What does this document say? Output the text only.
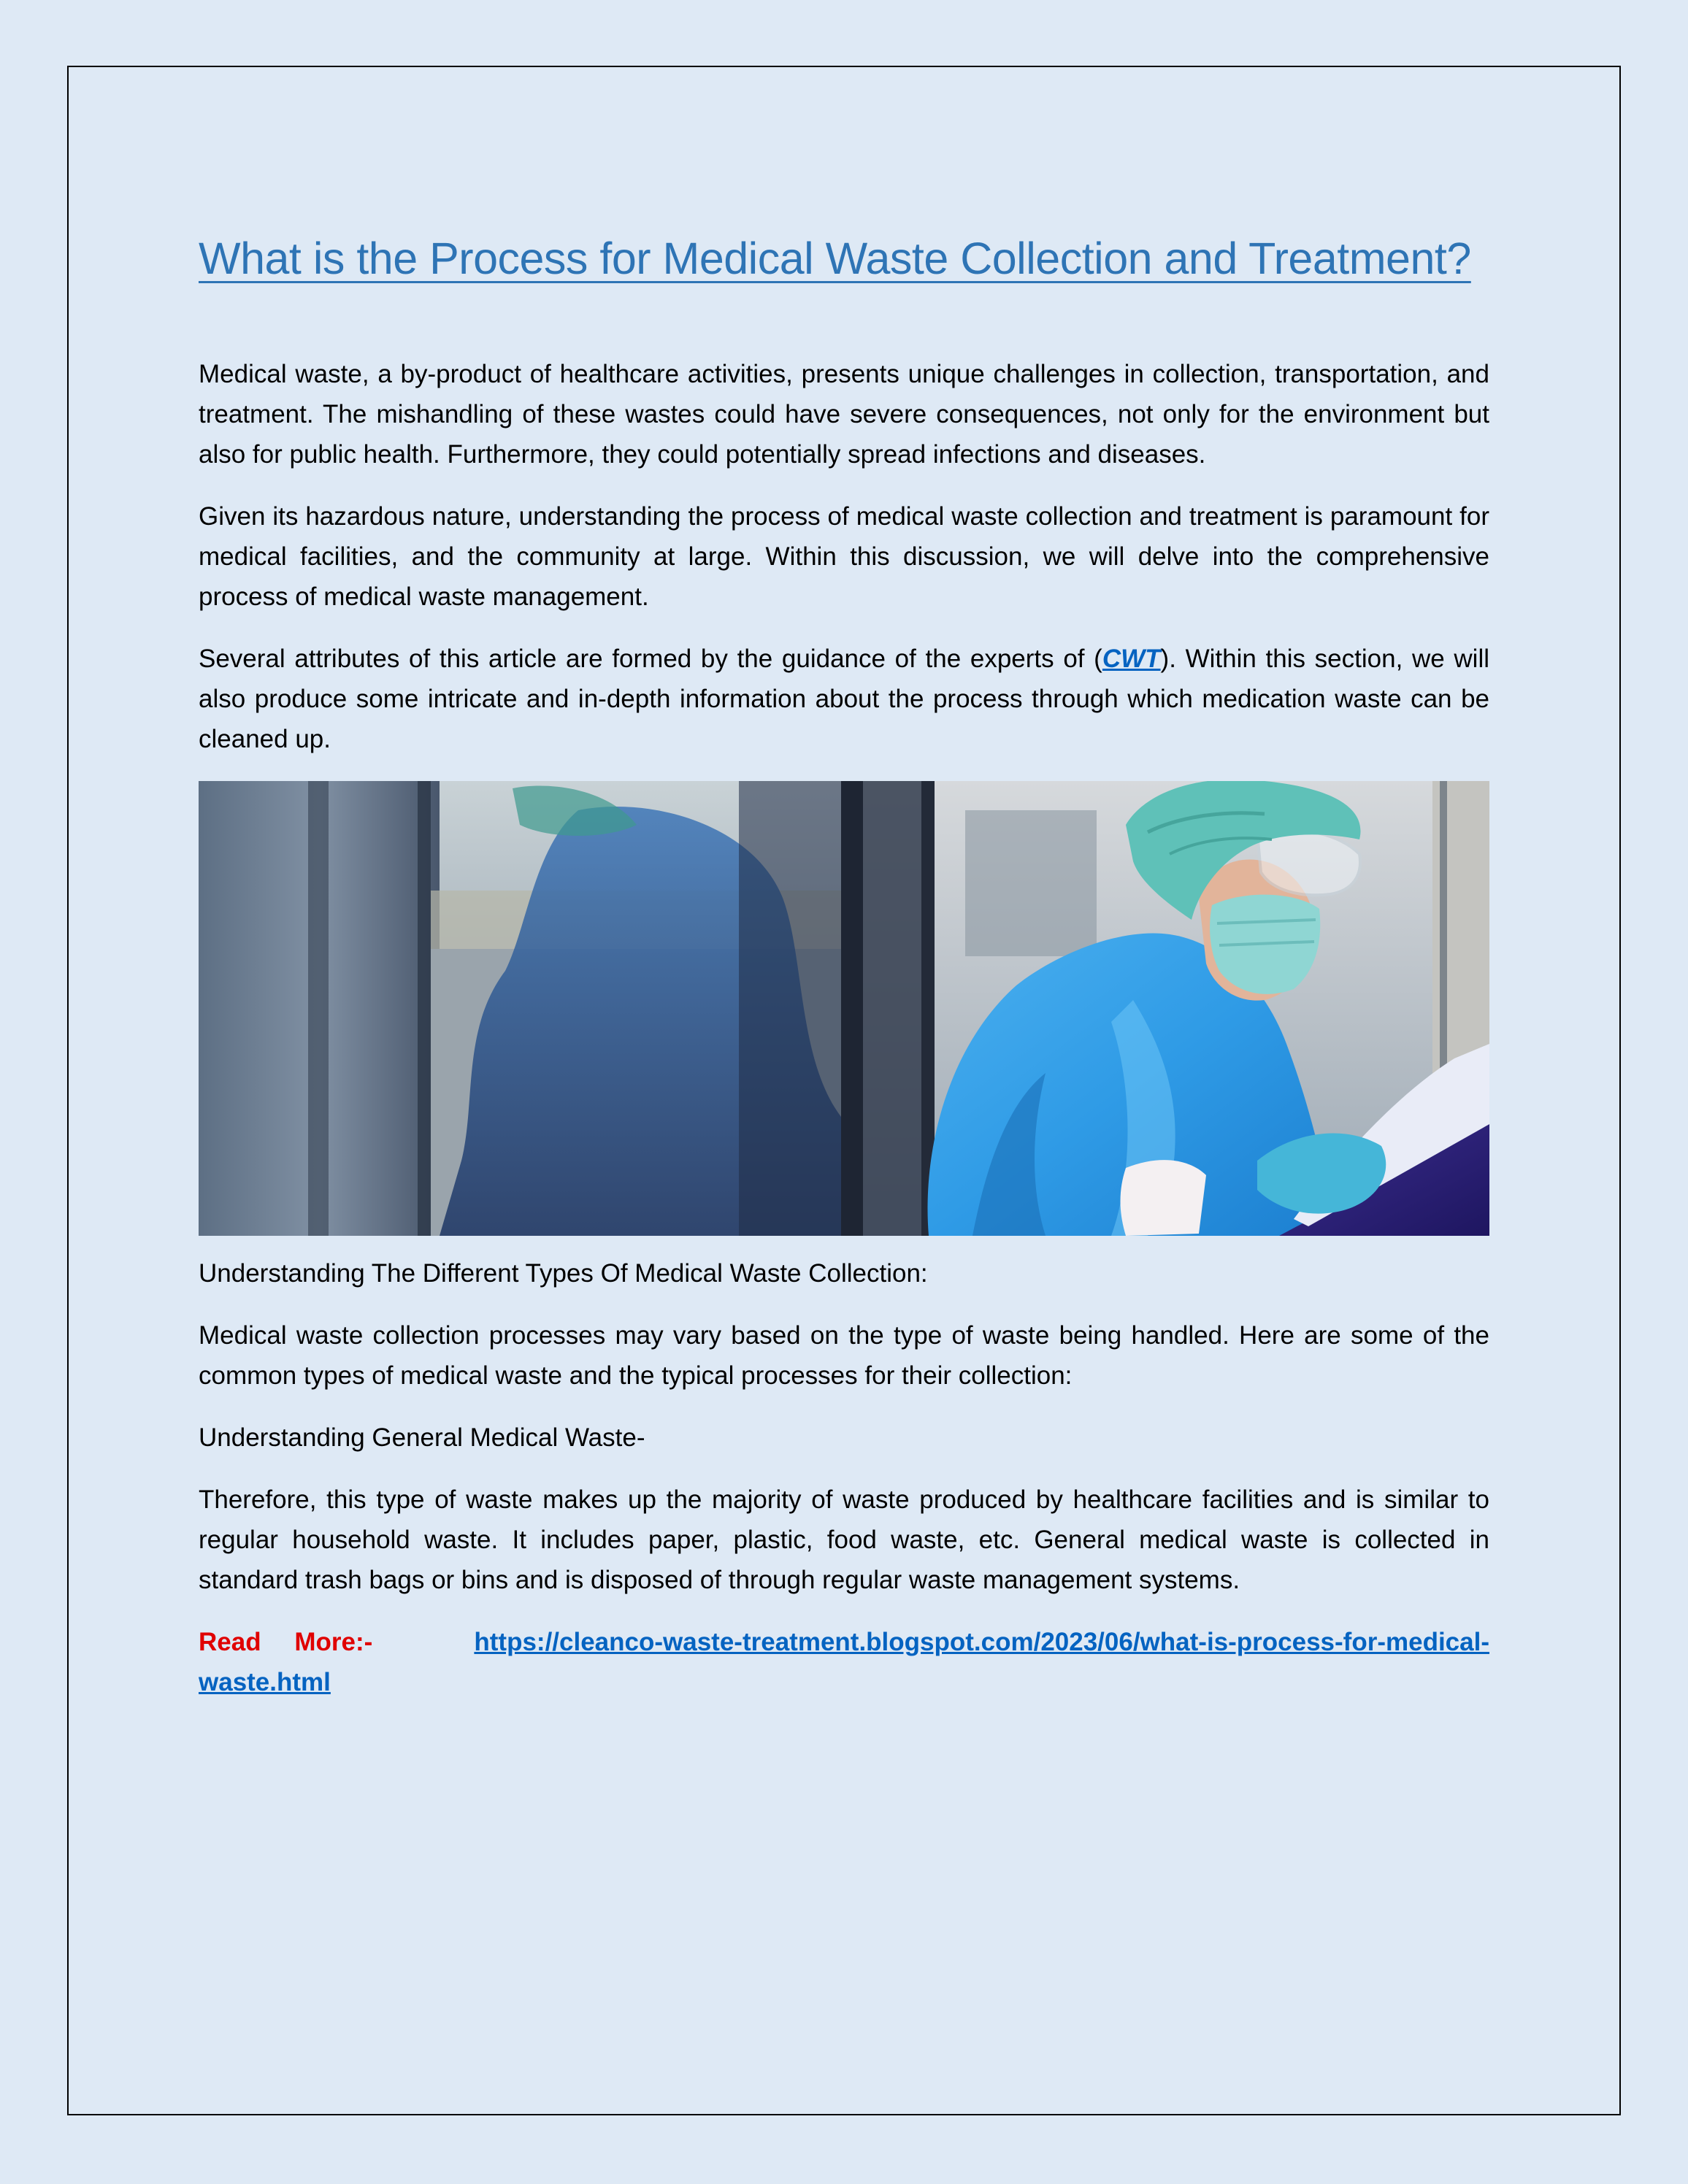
What is the Process for Medical Waste Collection and Treatment?

Medical waste, a by-product of healthcare activities, presents unique challenges in collection, transportation, and treatment. The mishandling of these wastes could have severe consequences, not only for the environment but also for public health. Furthermore, they could potentially spread infections and diseases.

Given its hazardous nature, understanding the process of medical waste collection and treatment is paramount for medical facilities, and the community at large. Within this discussion, we will delve into the comprehensive process of medical waste management.

Several attributes of this article are formed by the guidance of the experts of (CWT). Within this section, we will also produce some intricate and in-depth information about the process through which medication waste can be cleaned up.

Understanding The Different Types Of Medical Waste Collection:

Medical waste collection processes may vary based on the type of waste being handled. Here are some of the common types of medical waste and the typical processes for their collection:

Understanding General Medical Waste-

Therefore, this type of waste makes up the majority of waste produced by healthcare facilities and is similar to regular household waste. It includes paper, plastic, food waste, etc. General medical waste is collected in standard trash bags or bins and is disposed of through regular waste management systems.

Read More:-	https://cleanco-waste-treatment.blogspot.com/2023/06/what-is-process-for-medical-waste.html
